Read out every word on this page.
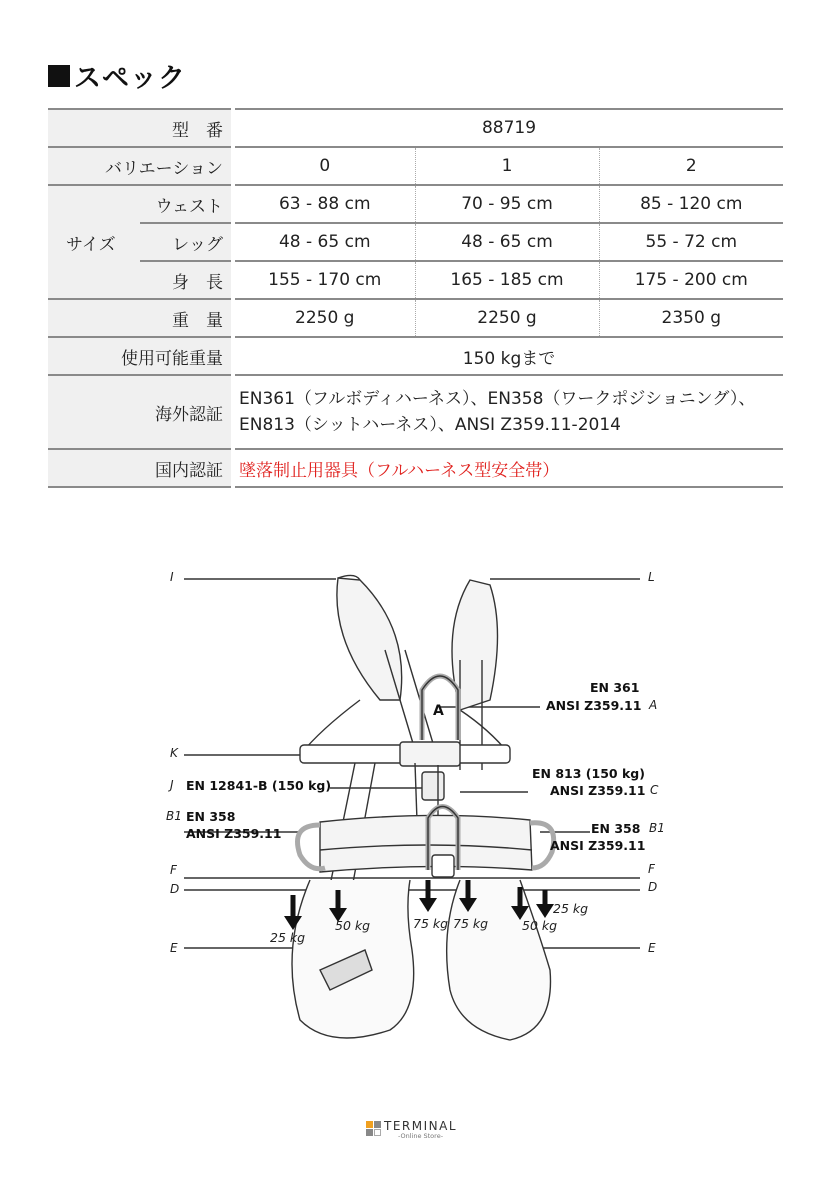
スペック
型　番		88719		
バリエーション		0	1	2
サイズ	ウェスト	63 - 88 cm	70 - 95 cm	85 - 120 cm
	レッグ	48 - 65 cm	48 - 65 cm	55 - 72 cm
	身　長	155 - 170 cm	165 - 185 cm	175 - 200 cm
重　量		2250 g	2250 g	2350 g
使用可能重量		150 kgまで		
海外認証		EN361（フルボディハーネス）、EN358（ワークポジショニング）、
EN813（シットハーネス）、ANSI Z359.11-2014		

国内認証		墜落制止用器具（フルハーネス型安全帯）		
I	L
EN 361
ANSI Z359.11 A
A
K
J EN 12841-B (150 kg)
EN 813 (150 kg)
ANSI Z359.11 C
B1 EN 358
ANSI Z359.11	EN 358 B1
ANSI Z359.11
F	F
D	D
25 kg
50 kg	75 kg 75 kg	50 kg
25 kg
E	E
TERMINAL
-Online Store-
